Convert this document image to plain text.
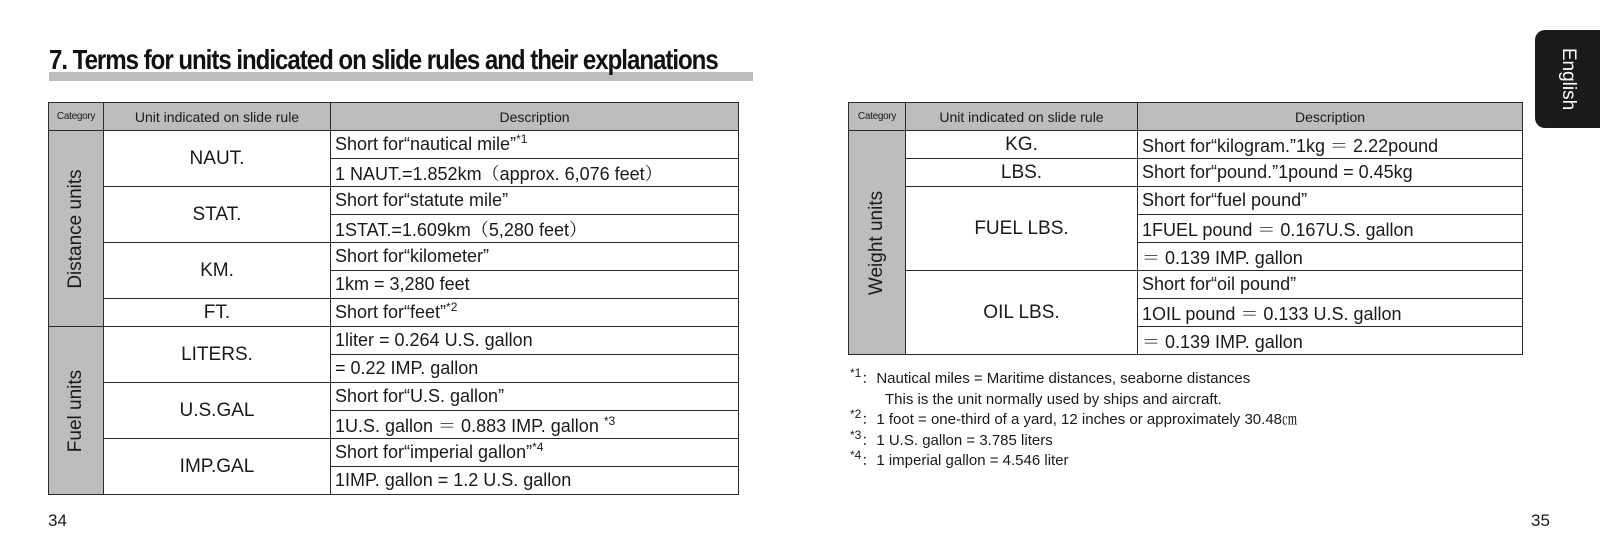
7. Terms for units indicated on slide rules and their explanations	English
Category	Unit indicated on slide rule	Description

Distance units	NAUT.	Short for“nautical mile”$^{*1}$
		1 NAUT.=1.852km（approx. 6,076 feet）
	STAT.	Short for“statute mile”
		1STAT.=1.609km（5,280 feet）
	KM.	Short for“kilometer”
		1km = 3,280 feet
	FT.	Short for“feet”$^{*2}$

Fuel units	LITERS.	1liter = 0.264 U.S. gallon
		= 0.22 IMP. gallon
	U.S.GAL	Short for“U.S. gallon”
		1U.S. gallon ＝ 0.883 IMP. gallon $^{*3}$
	IMP.GAL	Short for“imperial gallon”$^{*4}$
		1IMP. gallon = 1.2 U.S. gallon
Category	Unit indicated on slide rule	Description

Weight units	KG.	Short for“kilogram.”1kg ＝ 2.22pound
	LBS.	Short for“pound.”1pound = 0.45kg
	FUEL LBS.	Short for“fuel pound”
		1FUEL pound ＝ 0.167U.S. gallon
		＝ 0.139 IMP. gallon
	OIL LBS.	Short for“oil pound”
		1OIL pound ＝ 0.133 U.S. gallon
		＝ 0.139 IMP. gallon
$^{*1}$：Nautical miles = Maritime distances, seaborne distances
This is the unit normally used by ships and aircraft.
$^{*2}$：1 foot = one-third of a yard, 12 inches or approximately 30.48㎝
$^{*3}$：1 U.S. gallon = 3.785 liters
$^{*4}$：1 imperial gallon = 4.546 liter
34	35
